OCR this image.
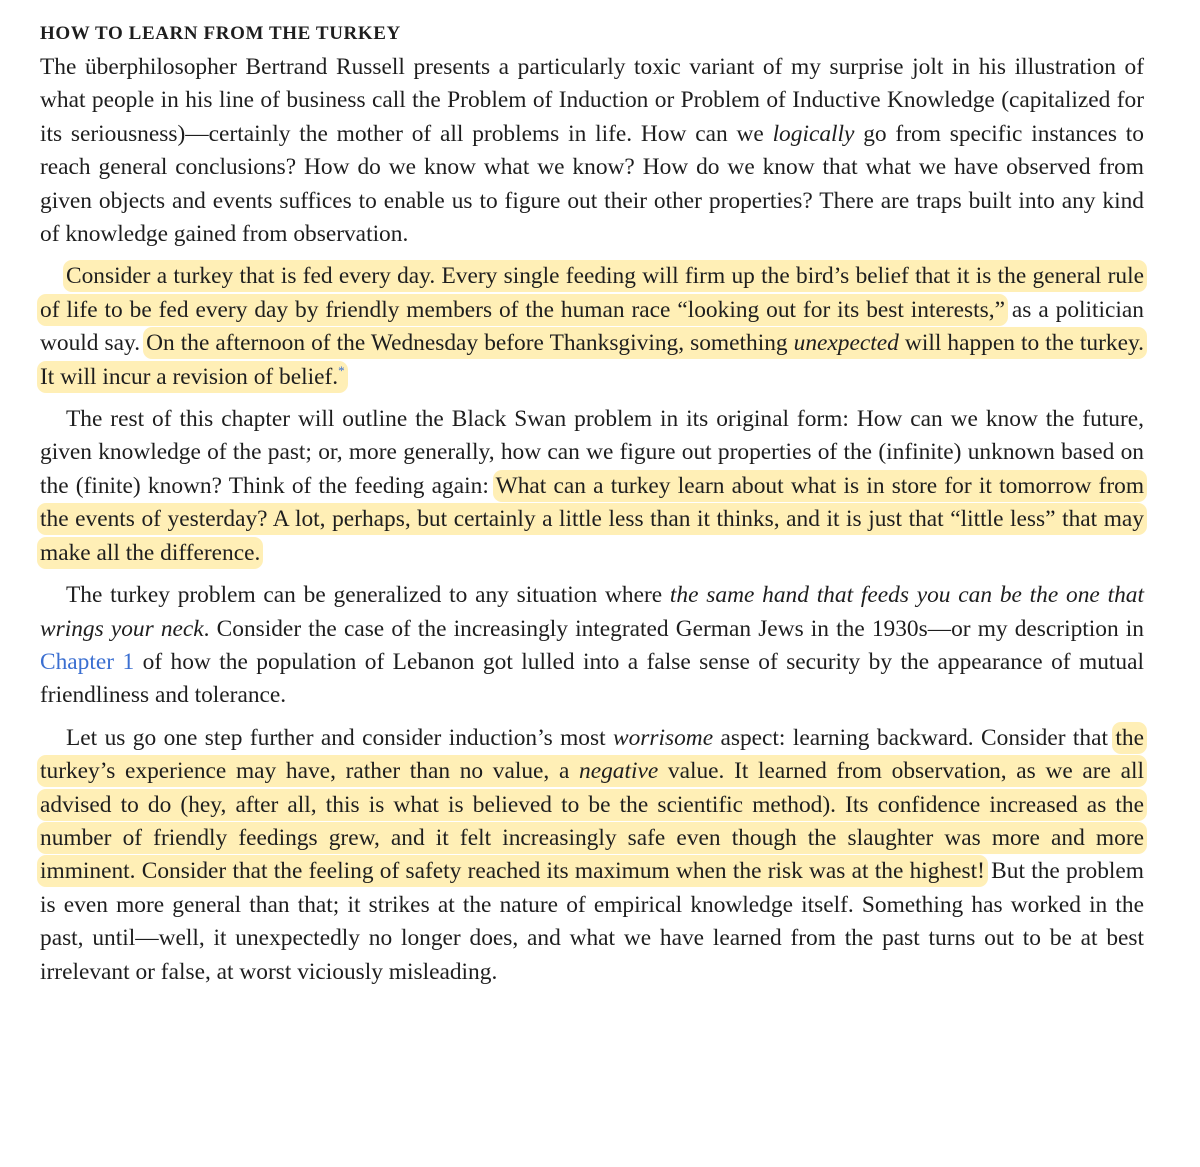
HOW TO LEARN FROM THE TURKEY

The überphilosopher Bertrand Russell presents a particularly toxic variant of my surprise jolt in his illustration of what people in his line of business call the Problem of Induction or Problem of Inductive Knowledge (capitalized for its seriousness)—certainly the mother of all problems in life. How can we logically go from specific instances to reach general conclusions? How do we know what we know? How do we know that what we have observed from given objects and events suffices to enable us to figure out their other properties? There are traps built into any kind of knowledge gained from observation.

Consider a turkey that is fed every day. Every single feeding will firm up the bird’s belief that it is the general rule of life to be fed every day by friendly members of the human race “looking out for its best interests,” as a politician would say. On the afternoon of the Wednesday before Thanksgiving, something unexpected will happen to the turkey. It will incur a revision of belief.*

The rest of this chapter will outline the Black Swan problem in its original form: How can we know the future, given knowledge of the past; or, more generally, how can we figure out properties of the (infinite) unknown based on the (finite) known? Think of the feeding again: What can a turkey learn about what is in store for it tomorrow from the events of yesterday? A lot, perhaps, but certainly a little less than it thinks, and it is just that “little less” that may make all the difference.

The turkey problem can be generalized to any situation where the same hand that feeds you can be the one that wrings your neck. Consider the case of the increasingly integrated German Jews in the 1930s—or my description in Chapter 1 of how the population of Lebanon got lulled into a false sense of security by the appearance of mutual friendliness and tolerance.

Let us go one step further and consider induction’s most worrisome aspect: learning backward. Consider that the turkey’s experience may have, rather than no value, a negative value. It learned from observation, as we are all advised to do (hey, after all, this is what is believed to be the scientific method). Its confidence increased as the number of friendly feedings grew, and it felt increasingly safe even though the slaughter was more and more imminent. Consider that the feeling of safety reached its maximum when the risk was at the highest! But the problem is even more general than that; it strikes at the nature of empirical knowledge itself. Something has worked in the past, until—well, it unexpectedly no longer does, and what we have learned from the past turns out to be at best irrelevant or false, at worst viciously misleading.
